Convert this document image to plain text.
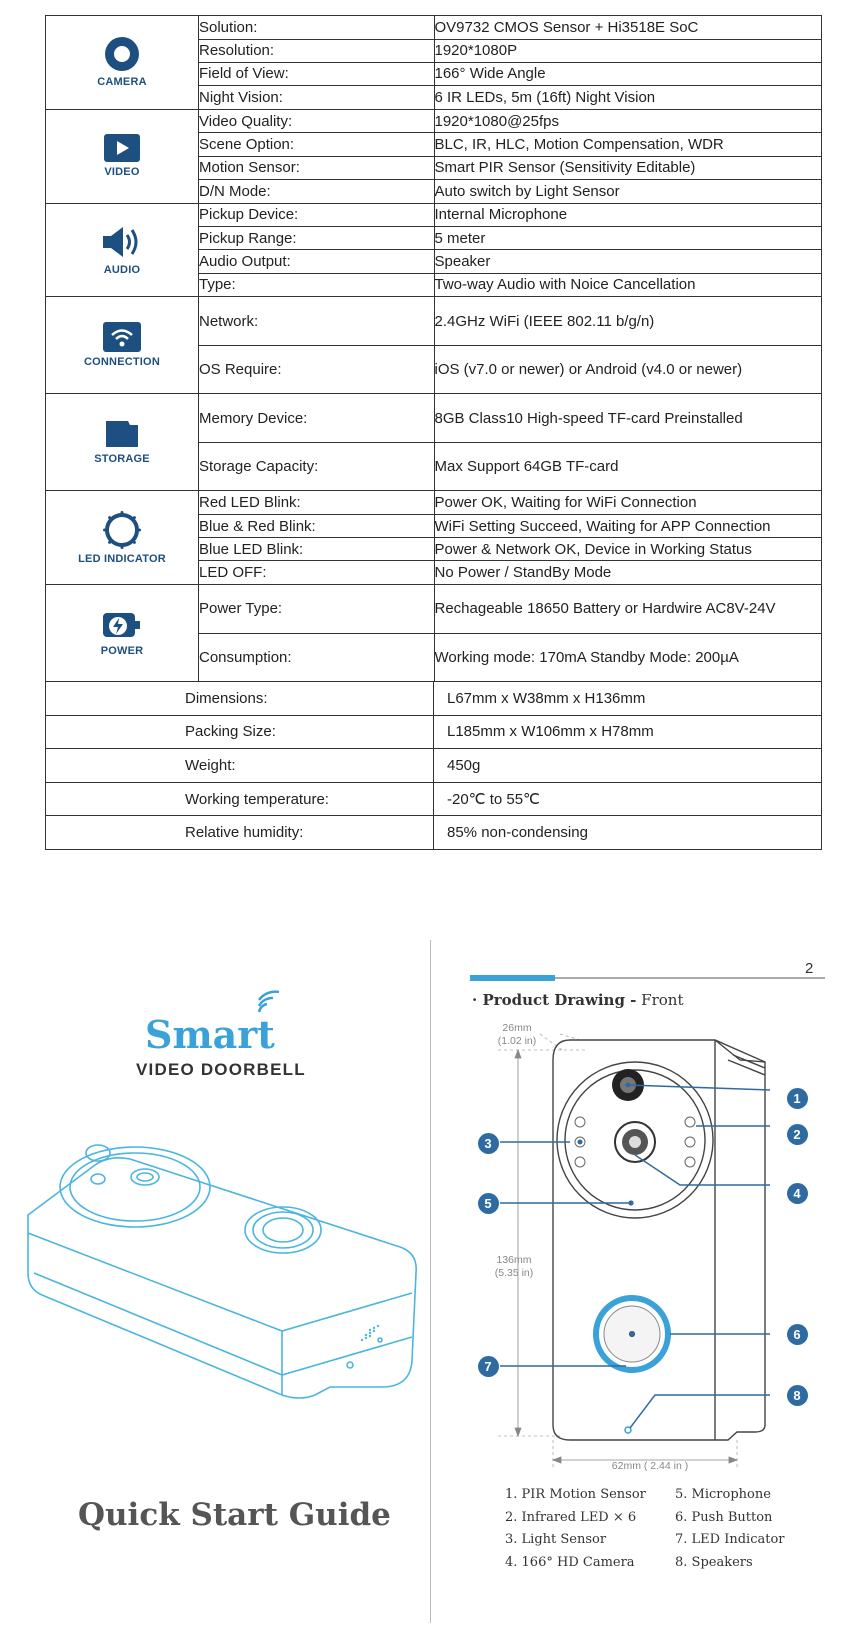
CAMERA

Solution:	OV9732 CMOS Sensor + Hi3518E SoC
Resolution:	1920*1080P
Field of View:	166° Wide Angle
Night Vision:	6 IR LEDs, 5m (16ft) Night Vision

VIDEO

Video Quality:	1920*1080@25fps
Scene Option:	BLC, IR, HLC, Motion Compensation, WDR
Motion Sensor:	Smart PIR Sensor (Sensitivity Editable)
D/N Mode:	Auto switch by Light Sensor

AUDIO

Pickup Device:	Internal Microphone
Pickup Range:	5 meter
Audio Output:	Speaker
Type:	Two-way Audio with Noice Cancellation

CONNECTION

Network:	2.4GHz WiFi (IEEE 802.11 b/g/n)
OS Require:	iOS (v7.0 or newer) or Android (v4.0 or newer)

STORAGE

Memory Device:	8GB Class10 High-speed TF-card Preinstalled
Storage Capacity:	Max Support 64GB TF-card

LED INDICATOR

Red LED Blink:	Power OK, Waiting for WiFi Connection
Blue & Red Blink:	WiFi Setting Succeed, Waiting for APP Connection
Blue LED Blink:	Power & Network OK, Device in Working Status
LED OFF:	No Power / StandBy Mode

POWER

Power Type:	Rechageable 18650 Battery or Hardwire AC8V-24V
Consumption:	Working mode: 170mA Standby Mode: 200µA

Dimensions:	L67mm x W38mm x H136mm
Packing Size:	L185mm x W106mm x H78mm
Weight:	450g
Working temperature:	-20℃ to 55℃
Relative humidity:	85% non-condensing
Smart
VIDEO DOORBELL
Quick Start Guide
2
· Product Drawing - Front
26mm
(1.02 in)
136mm
(5.35 in)
62mm ( 2.44 in )
1
2
3
4
5
6
7
8
1. PIR Motion Sensor
2. Infrared LED × 6
3. Light Sensor
4. 166° HD Camera
5. Microphone
6. Push Button
7. LED Indicator
8. Speakers
